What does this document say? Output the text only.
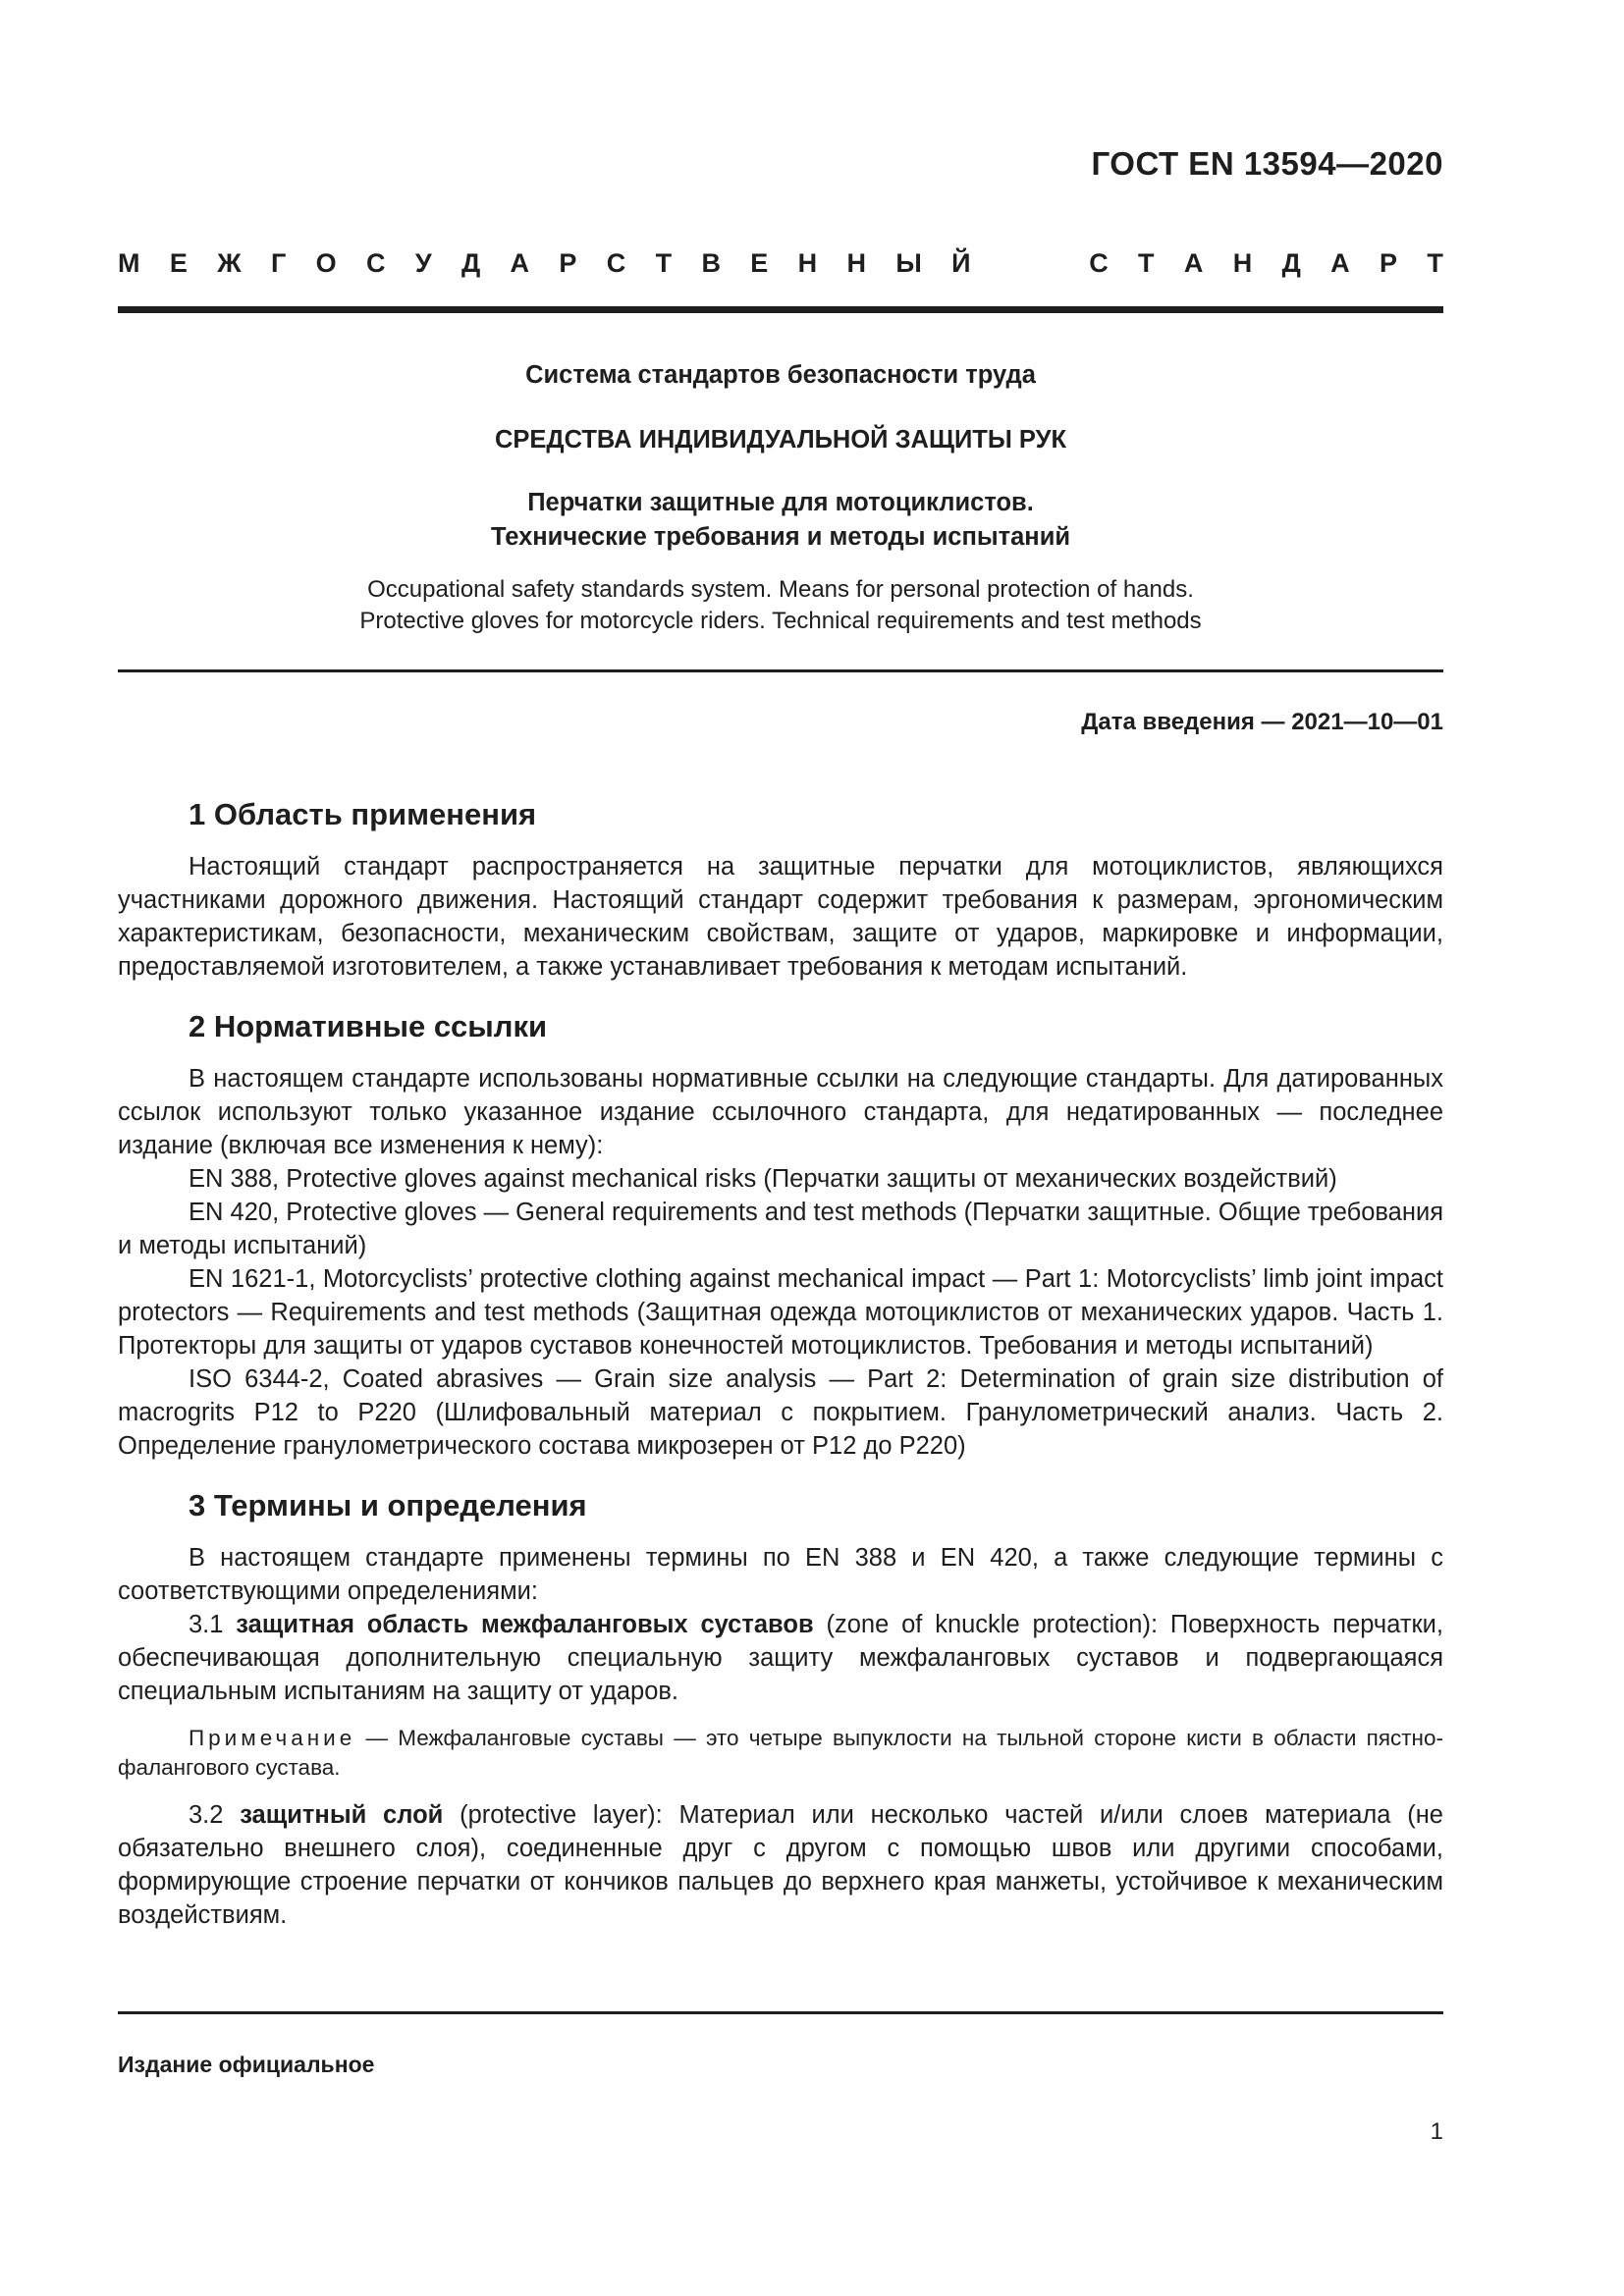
ГОСТ EN 13594—2020
М Е Ж Г О С У Д А Р С Т В Е Н Н Ы Й	С Т А Н Д А Р Т
Система стандартов безопасности труда
СРЕДСТВА ИНДИВИДУАЛЬНОЙ ЗАЩИТЫ РУК
Перчатки защитные для мотоциклистов.
Технические требования и методы испытаний
Occupational safety standards system. Means for personal protection of hands.
Protective gloves for motorcycle riders. Technical requirements and test methods
Дата введения — 2021—10—01
1 Область применения

Настоящий стандарт распространяется на защитные перчатки для мотоциклистов, являющихся участниками дорожного движения. Настоящий стандарт содержит требования к размерам, эргономическим характеристикам, безопасности, механическим свойствам, защите от ударов, маркировке и информации, предоставляемой изготовителем, а также устанавливает требования к методам испытаний.

2 Нормативные ссылки

В настоящем стандарте использованы нормативные ссылки на следующие стандарты. Для датированных ссылок используют только указанное издание ссылочного стандарта, для недатированных — последнее издание (включая все изменения к нему):

EN 388, Protective gloves against mechanical risks (Перчатки защиты от механических воздействий)

EN 420, Protective gloves — General requirements and test methods (Перчатки защитные. Общие требования и методы испытаний)

EN 1621-1, Motorcyclists’ protective clothing against mechanical impact — Part 1: Motorcyclists’ limb joint impact protectors — Requirements and test methods (Защитная одежда мотоциклистов от механических ударов. Часть 1. Протекторы для защиты от ударов суставов конечностей мотоциклистов. Требования и методы испытаний)

ISO 6344-2, Coated abrasives — Grain size analysis — Part 2: Determination of grain size distribution of macrogrits P12 to P220 (Шлифовальный материал с покрытием. Гранулометрический анализ. Часть 2. Определение гранулометрического состава микрозерен от P12 до P220)

3 Термины и определения

В настоящем стандарте применены термины по EN 388 и EN 420, а также следующие термины с соответствующими определениями:

3.1 защитная область межфаланговых суставов (zone of knuckle protection): Поверхность перчатки, обеспечивающая дополнительную специальную защиту межфаланговых суставов и подвергающаяся специальным испытаниям на защиту от ударов.

Примечание — Межфаланговые суставы — это четыре выпуклости на тыльной стороне кисти в области пястно-фалангового сустава.

3.2 защитный слой (protective layer): Материал или несколько частей и/или слоев материала (не обязательно внешнего слоя), соединенные друг с другом с помощью швов или другими способами, формирующие строение перчатки от кончиков пальцев до верхнего края манжеты, устойчивое к механическим воздействиям.

Издание официальное
1
